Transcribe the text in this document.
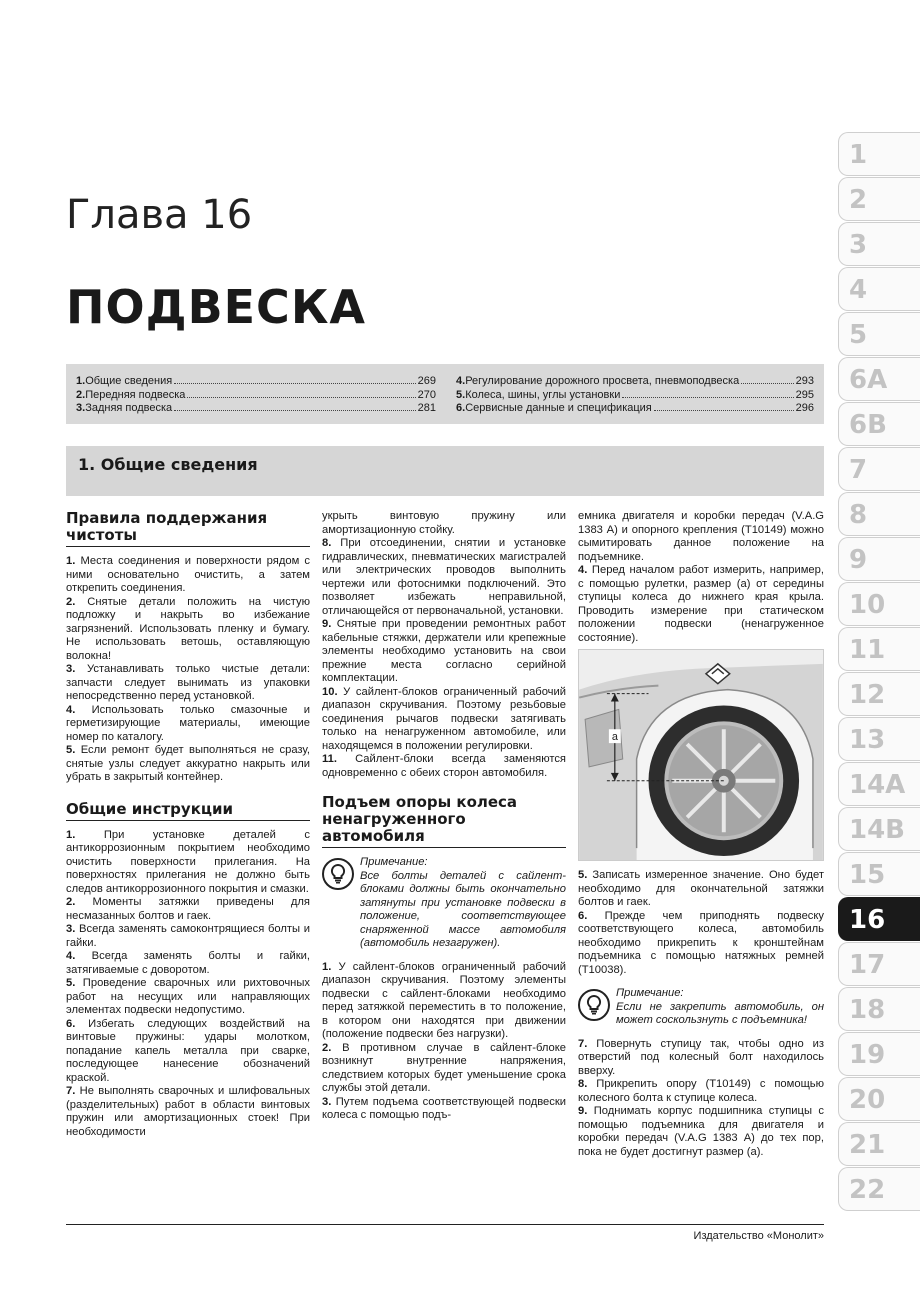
Глава 16
ПОДВЕСКА
1. Общие сведения	269
2. Передняя подвеска	270
3. Задняя подвеска	281
4. Регулирование дорожного просвета, пневмоподвеска	293
5. Колеса, шины, углы установки	295
6. Сервисные данные и спецификация	296
1. Общие сведения
Правила поддержания чистоты

1. Места соединения и поверхности рядом с ними основательно очистить, а затем открепить соединения.

2. Снятые детали положить на чистую подложку и накрыть во избежание загрязнений. Использовать пленку и бумагу. Не использовать ветошь, оставляющую волокна!

3. Устанавливать только чистые детали: запчасти следует вынимать из упаковки непосредственно перед установкой.

4. Использовать только смазочные и герметизирующие материалы, имеющие номер по каталогу.

5. Если ремонт будет выполняться не сразу, снятые узлы следует аккуратно накрыть или убрать в закрытый контейнер.

Общие инструкции

1. При установке деталей с антикоррозионным покрытием необходимо очистить поверхности прилегания. На поверхностях прилегания не должно быть следов антикоррозионного покрытия и смазки.

2. Моменты затяжки приведены для несмазанных болтов и гаек.

3. Всегда заменять самоконтрящиеся болты и гайки.

4. Всегда заменять болты и гайки, затягиваемые с доворотом.

5. Проведение сварочных или рихтовочных работ на несущих или направляющих элементах подвески недопустимо.

6. Избегать следующих воздействий на винтовые пружины: удары молотком, попадание капель металла при сварке, последующее нанесение обозначений краской.

7. Не выполнять сварочных и шлифовальных (разделительных) работ в области винтовых пружин или амортизационных стоек! При необходимости

укрыть винтовую пружину или амортизационную стойку.

8. При отсоединении, снятии и установке гидравлических, пневматических магистралей или электрических проводов выполнить чертежи или фотоснимки подключений. Это позволяет избежать неправильной, отличающейся от первоначальной, установки.

9. Снятые при проведении ремонтных работ кабельные стяжки, держатели или крепежные элементы необходимо установить на свои прежние места согласно серийной комплектации.

10. У сайлент-блоков ограниченный рабочий диапазон скручивания. Поэтому резьбовые соединения рычагов подвески затягивать только на ненагруженном автомобиле, или находящемся в положении регулировки.

11. Сайлент-блоки всегда заменяются одновременно с обеих сторон автомобиля.

Подъем опоры колеса ненагруженного автомобиля
Примечание:
Все болты деталей с сайлент-блоками должны быть окончательно затянуты при установке подвески в положение, соответствующее снаряженной массе автомобиля (автомобиль незагружен).

1. У сайлент-блоков ограниченный рабочий диапазон скручивания. Поэтому элементы подвески с сайлент-блоками необходимо перед затяжкой переместить в то положение, в котором они находятся при движении (положение подвески без нагрузки).

2. В противном случае в сайлент-блоке возникнут внутренние напряжения, следствием которых будет уменьшение срока службы этой детали.

3. Путем подъема соответствующей подвески колеса с помощью подъ-

емника двигателя и коробки передач (V.A.G 1383 А) и опорного крепления (Т10149) можно сымитировать данное положение на подъемнике.

4. Перед началом работ измерить, например, с помощью рулетки, размер (а) от середины ступицы колеса до нижнего края крыла. Проводить измерение при статическом положении подвески (ненагруженное состояние).

a

5. Записать измеренное значение. Оно будет необходимо для окончательной затяжки болтов и гаек.

6. Прежде чем приподнять подвеску соответствующего колеса, автомобиль необходимо прикрепить к кронштейнам подъемника с помощью натяжных ремней (Т10038).

Примечание:
Если не закрепить автомобиль, он может соскользнуть с подъемника!

7. Повернуть ступицу так, чтобы одно из отверстий под колесный болт находилось вверху.

8. Прикрепить опору (Т10149) с помощью колесного болта к ступице колеса.

9. Поднимать корпус подшипника ступицы с помощью подъемника для двигателя и коробки передач (V.A.G 1383 А) до тех пор, пока не будет достигнут размер (а).

1
2
3
4
5
6A
6B
7
8
9
10
11
12
13
14A
14B
15
16
17
18
19
20
21
22
Издательство «Монолит»
